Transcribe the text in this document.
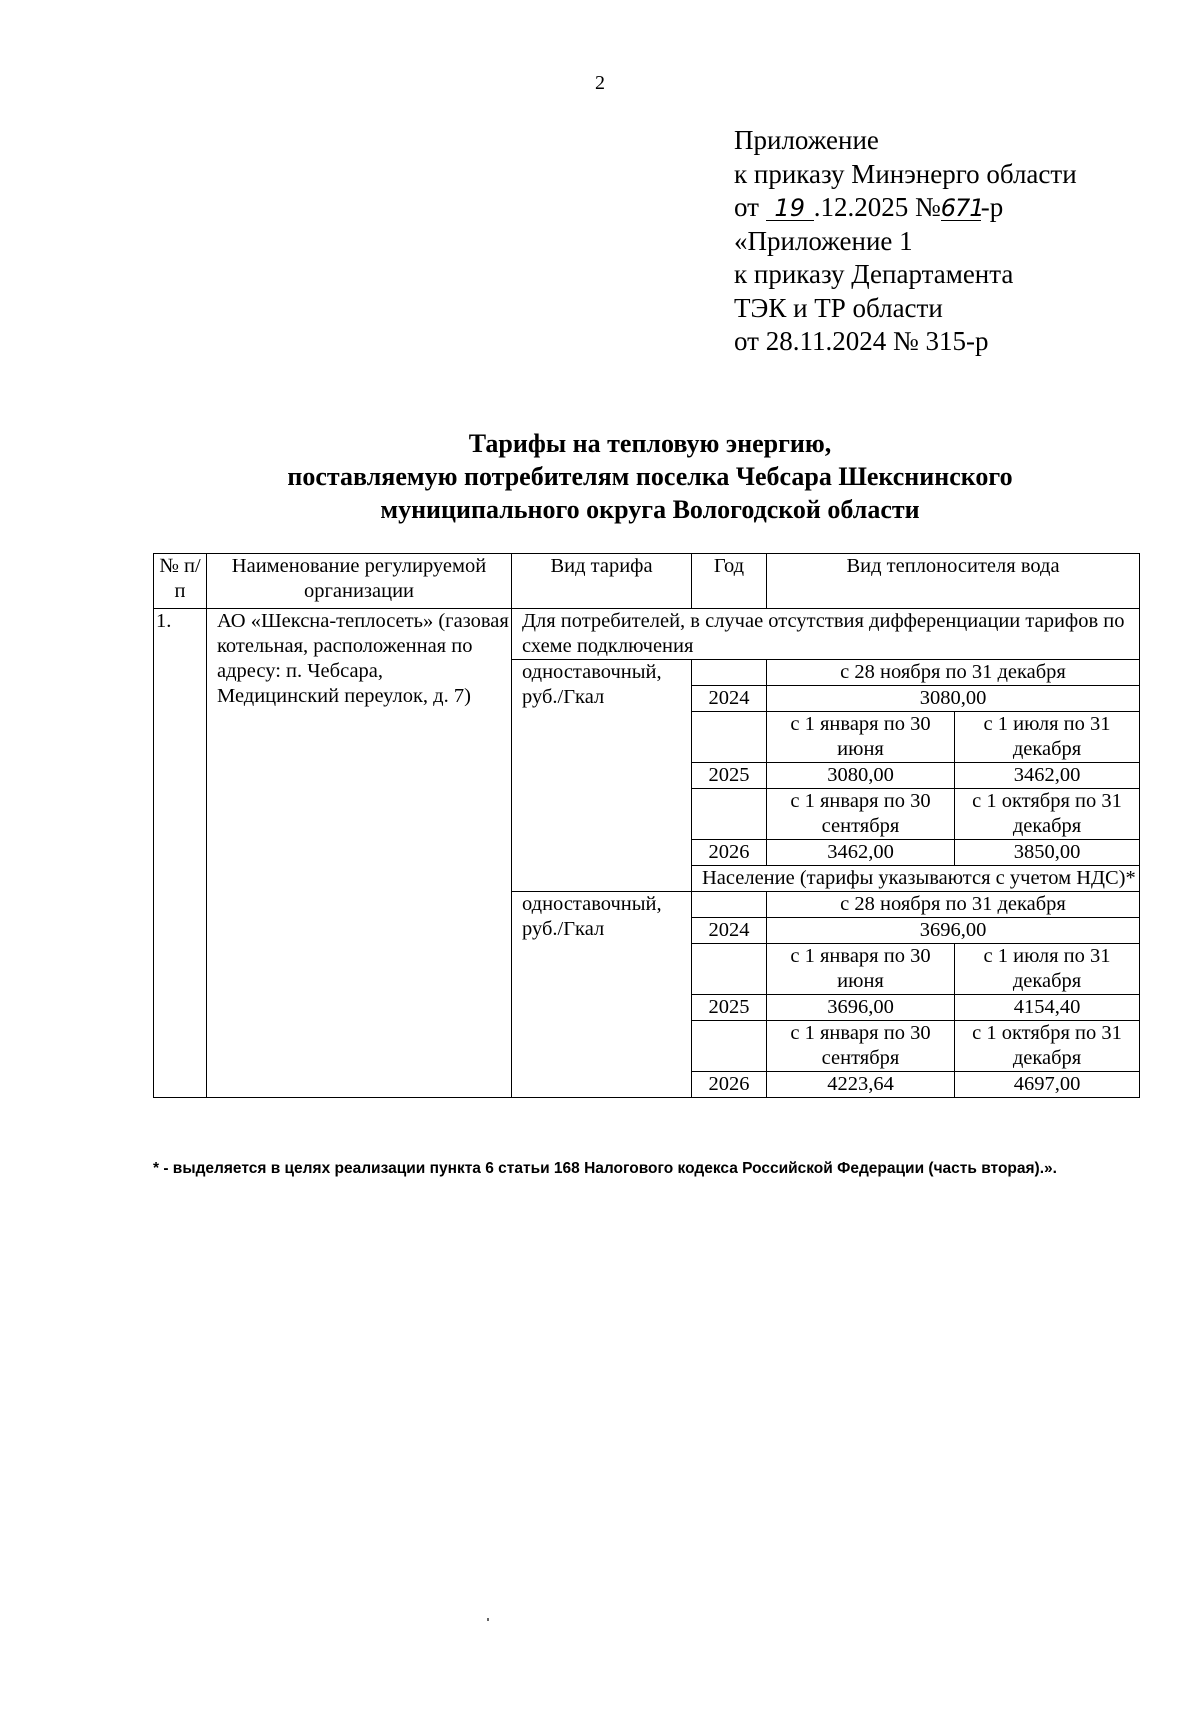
2
Приложение
к приказу Минэнерго области
от 19 .12.2025 №671-р
«Приложение 1
к приказу Департамента
ТЭК и ТР области
от 28.11.2024 № 315-р
Тарифы на тепловую энергию,
поставляемую потребителям поселка Чебсара Шекснинского
муниципального округа Вологодской области
№ п/п	Наименование регулируемой организации	Вид тарифа	Год	Вид теплоносителя вода	
1.	АО «Шексна-теплосеть» (газовая котельная, расположенная по адресу: п. Чебсара, Медицинский переулок, д. 7)	Для потребителей, в случае отсутствия дифференциации тарифов по схеме подключения			
		одноставочный, руб./Гкал		с 28 ноября по 31 декабря	
			2024	3080,00	
				с 1 января по 30 июня	с 1 июля по 31 декабря
			2025	3080,00	3462,00
				с 1 января по 30 сентября	с 1 октября по 31 декабря
			2026	3462,00	3850,00
			Население (тарифы указываются с учетом НДС)*		
		одноставочный, руб./Гкал		с 28 ноября по 31 декабря	
			2024	3696,00	
				с 1 января по 30 июня	с 1 июля по 31 декабря
			2025	3696,00	4154,40
				с 1 января по 30 сентября	с 1 октября по 31 декабря
			2026	4223,64	4697,00
* - выделяется в целях реализации пункта 6 статьи 168 Налогового кодекса Российской Федерации (часть вторая).».
